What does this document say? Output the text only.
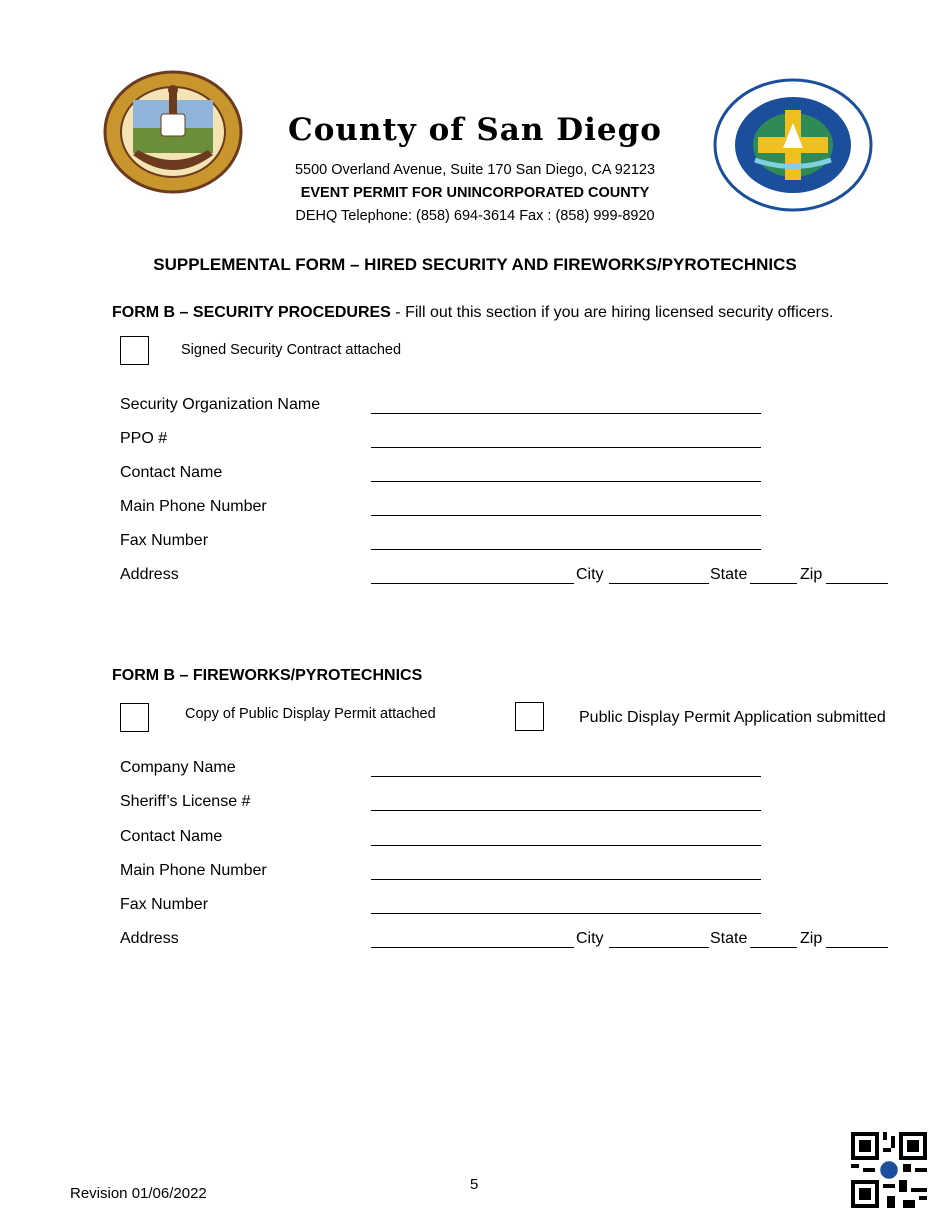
County of San Diego
5500 Overland Avenue, Suite 170 San Diego, CA 92123
EVENT PERMIT FOR UNINCORPORATED COUNTY
DEHQ Telephone: (858) 694-3614 Fax : (858) 999-8920
SUPPLEMENTAL FORM – HIRED SECURITY AND FIREWORKS/PYROTECHNICS
FORM B – SECURITY PROCEDURES - Fill out this section if you are hiring licensed security officers.
Signed Security Contract attached
Security Organization Name
PPO #
Contact Name
Main Phone Number
Fax Number
Address	City	State	Zip
FORM B – FIREWORKS/PYROTECHNICS
Copy of Public Display Permit attached	Public Display Permit Application submitted
Company Name
Sheriff’s License #
Contact Name
Main Phone Number
Fax Number
Address	City	State	Zip
Revision 01/06/2022
5
